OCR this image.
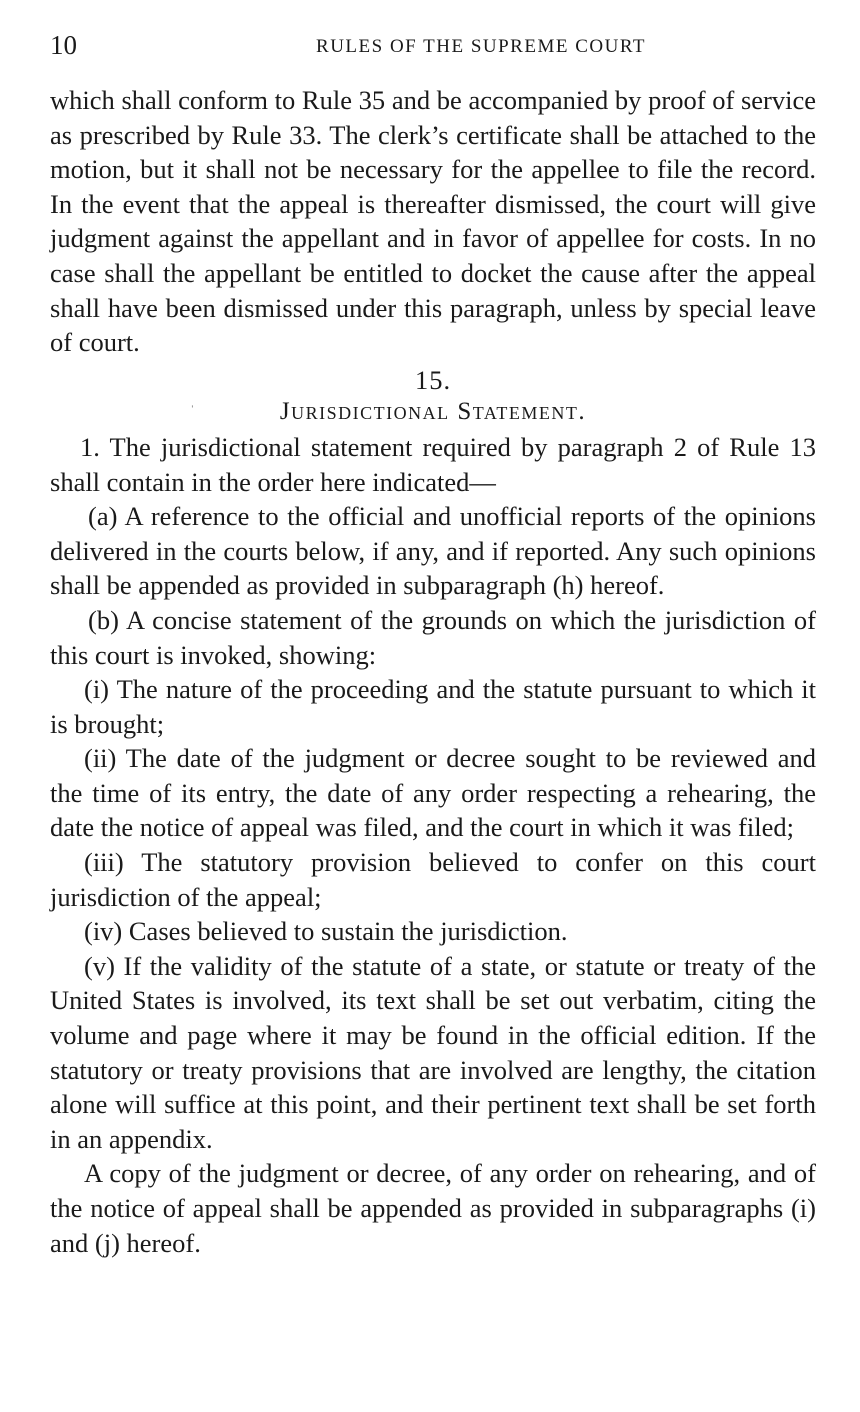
10	RULES OF THE SUPREME COURT

which shall conform to Rule 35 and be accompanied by proof of service as prescribed by Rule 33. The clerk’s certificate shall be attached to the motion, but it shall not be necessary for the appellee to file the record. In the event that the appeal is thereafter dismissed, the court will give judgment against the appellant and in favor of appellee for costs. In no case shall the appellant be entitled to docket the cause after the appeal shall have been dismissed under this paragraph, unless by special leave of court.

15.

Jurisdictional Statement.

1. The jurisdictional statement required by paragraph 2 of Rule 13 shall contain in the order here indicated—

(a) A reference to the official and unofficial reports of the opinions delivered in the courts below, if any, and if reported. Any such opinions shall be appended as provided in subparagraph (h) hereof.

(b) A concise statement of the grounds on which the jurisdiction of this court is invoked, showing:

(i) The nature of the proceeding and the statute pursuant to which it is brought;

(ii) The date of the judgment or decree sought to be reviewed and the time of its entry, the date of any order respecting a rehearing, the date the notice of appeal was filed, and the court in which it was filed;

(iii) The statutory provision believed to confer on this court jurisdiction of the appeal;

(iv) Cases believed to sustain the jurisdiction.

(v) If the validity of the statute of a state, or statute or treaty of the United States is involved, its text shall be set out verbatim, citing the volume and page where it may be found in the official edition. If the statutory or treaty provisions that are involved are lengthy, the citation alone will suffice at this point, and their pertinent text shall be set forth in an appendix.

A copy of the judgment or decree, of any order on rehearing, and of the notice of appeal shall be appended as provided in subparagraphs (i) and (j) hereof.

ˈ
